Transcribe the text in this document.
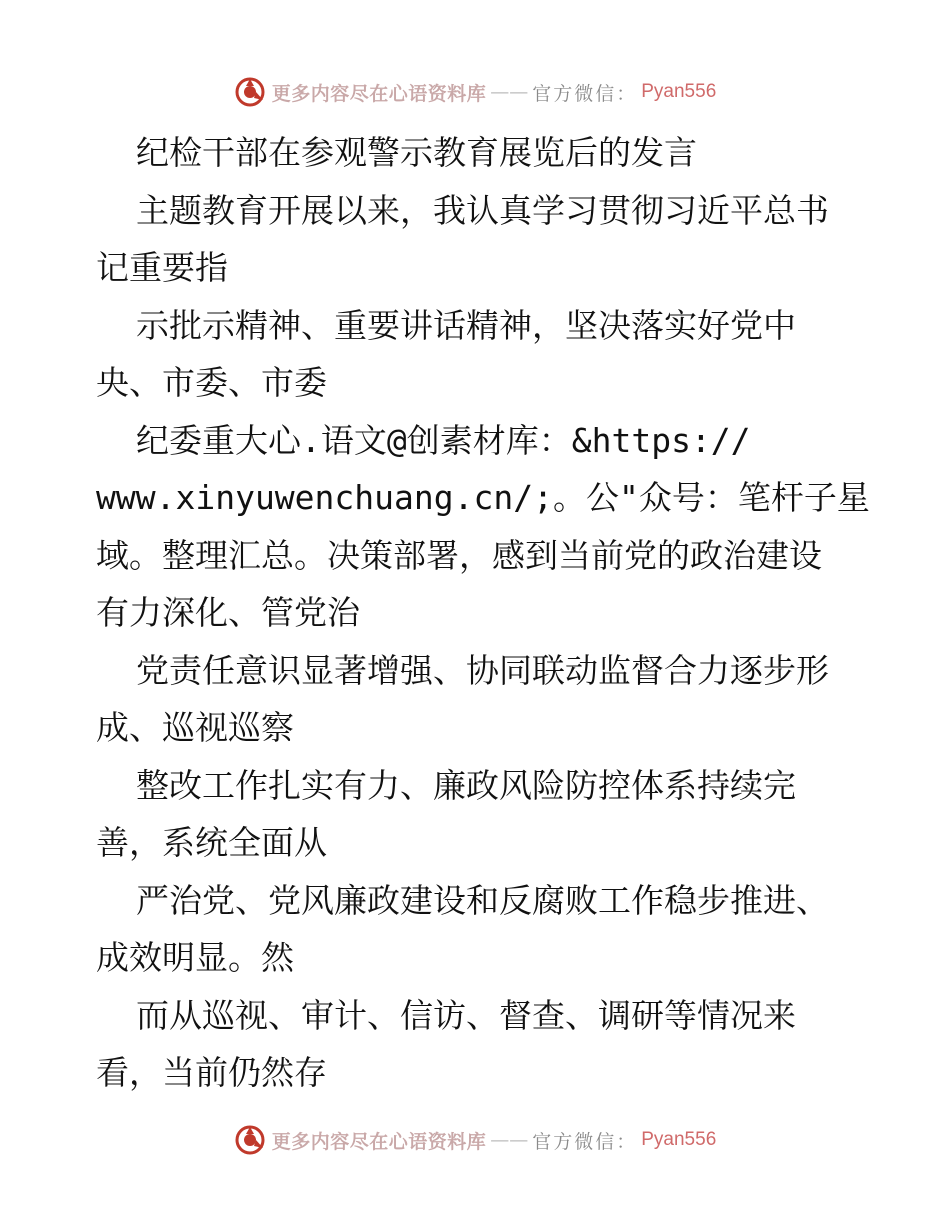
更多内容尽在心语资料库 —— 官方微信： Pyan556
纪检干部在参观警示教育展览后的发言
主题教育开展以来，我认真学习贯彻习近平总书
记重要指
示批示精神、重要讲话精神，坚决落实好党中
央、市委、市委
纪委重大心.语文@创素材库：&https://
www.xinyuwenchuang.cn/;。公"众号：笔杆子星
域。整理汇总。决策部署，感到当前党的政治建设
有力深化、管党治
党责任意识显著增强、协同联动监督合力逐步形
成、巡视巡察
整改工作扎实有力、廉政风险防控体系持续完
善，系统全面从
严治党、党风廉政建设和反腐败工作稳步推进、
成效明显。然
而从巡视、审计、信访、督查、调研等情况来
看，当前仍然存
更多内容尽在心语资料库 —— 官方微信： Pyan556
